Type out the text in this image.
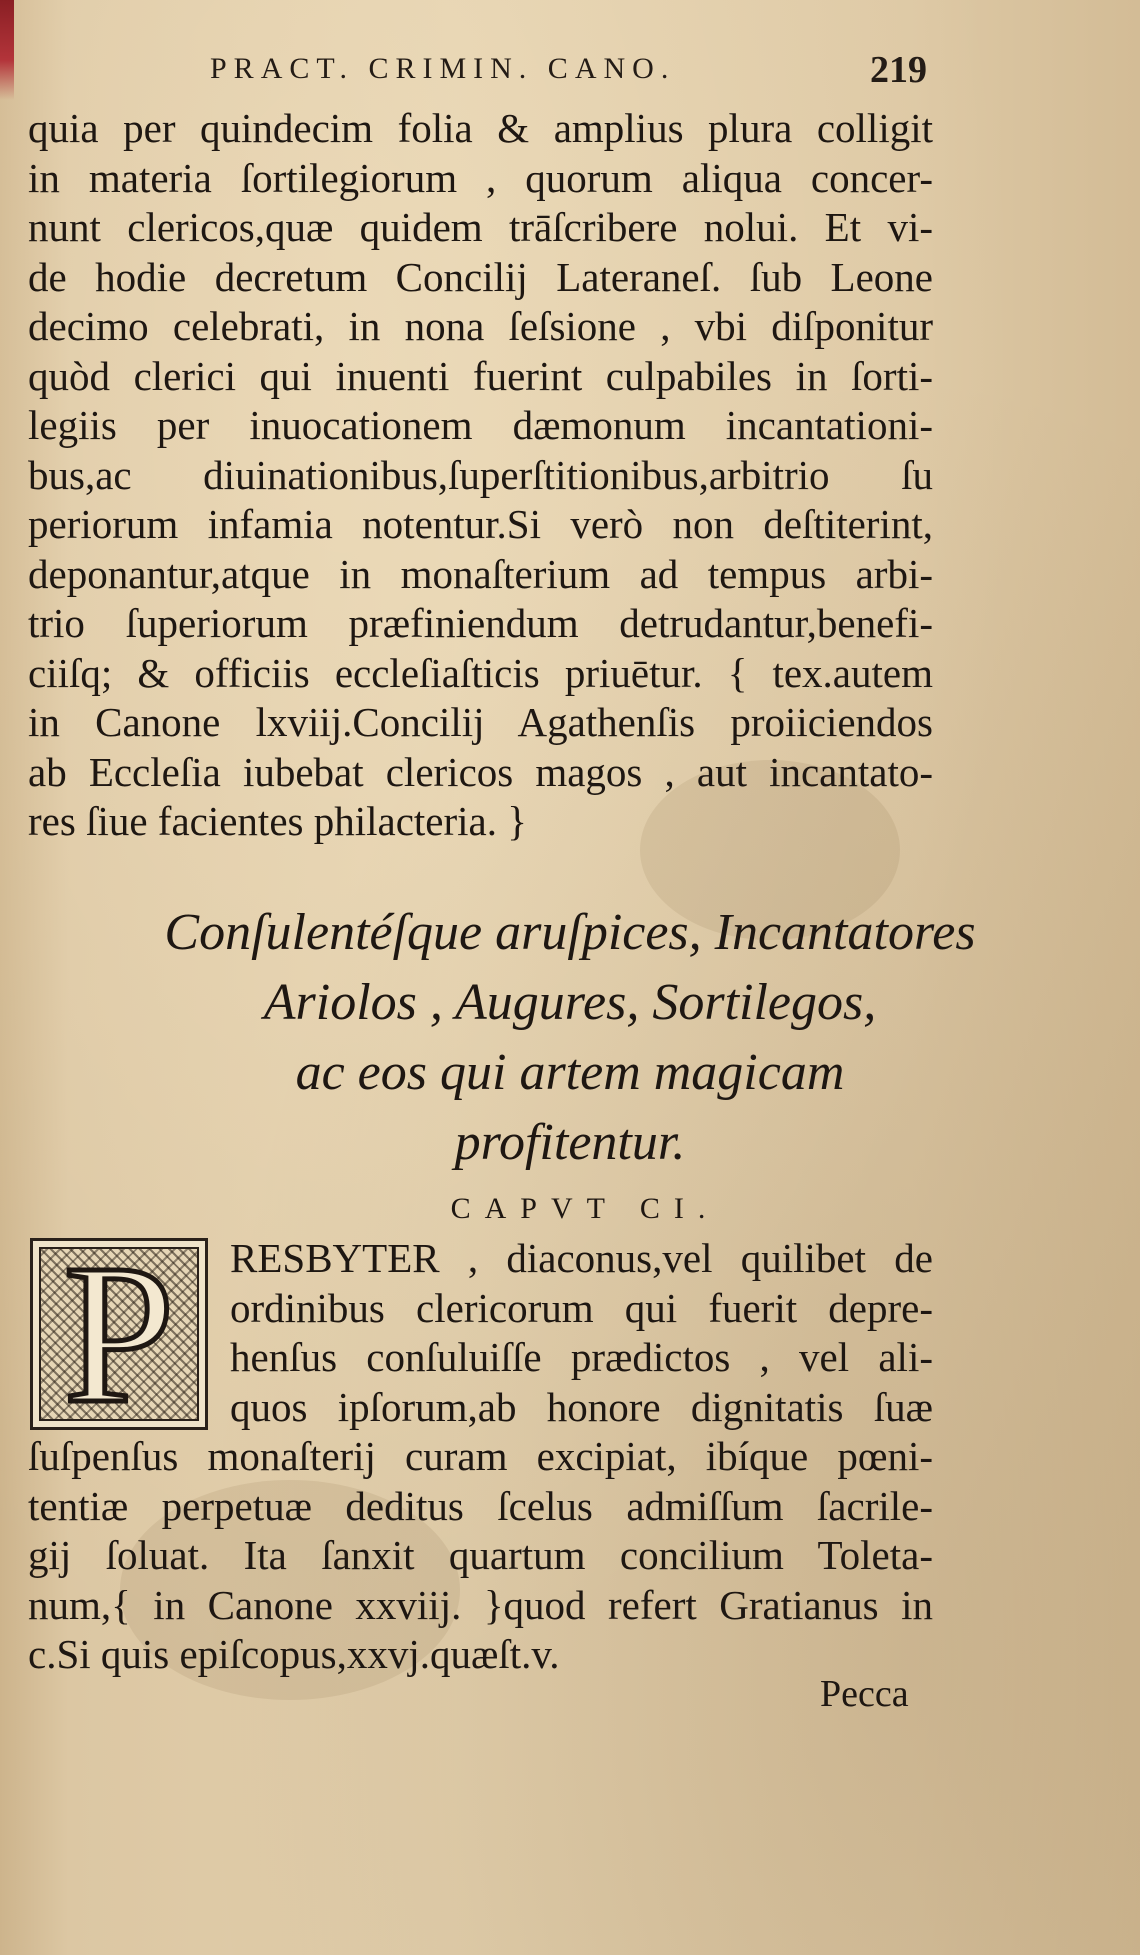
PRACT. CRIMIN. CANO.	219
quia per quindecim folia & amplius plura colligit
in materia ſortilegiorum , quorum aliqua concer-
nunt clericos,quæ quidem trāſcribere nolui. Et vi-
de hodie decretum Concilij Lateraneſ. ſub Leone
decimo celebrati, in nona ſeſsione , vbi diſponitur
quòd clerici qui inuenti fuerint culpabiles in ſorti-
legiis per inuocationem dæmonum incantationi-
bus,ac diuinationibus,ſuperſtitionibus,arbitrio ſu
periorum infamia notentur.Si verò non deſtiterint,
deponantur,atque in monaſterium ad tempus arbi-
trio ſuperiorum præfiniendum detrudantur,benefi-
ciiſq; & officiis eccleſiaſticis priuētur. { tex.autem
in Canone lxviij.Concilij Agathenſis proiiciendos
ab Eccleſia iubebat clericos magos , aut incantato-
res ſiue facientes philacteria. }
Conſulentéſque aruſpices, Incantatores
Ariolos , Augures, Sortilegos,
ac eos qui artem magicam
profitentur.
CAPVT CI.
P	RESBYTER , diaconus,vel quilibet de
ordinibus clericorum qui fuerit depre-
henſus conſuluiſſe prædictos , vel ali-
quos ipſorum,ab honore dignitatis ſuæ
ſuſpenſus monaſterij curam excipiat, ibíque pœni-
tentiæ perpetuæ deditus ſcelus admiſſum ſacrile-
gij ſoluat. Ita ſanxit quartum concilium Toleta-
num,{ in Canone xxviij. }quod refert Gratianus in
c.Si quis epiſcopus,xxvj.quæſt.v.
Pecca
